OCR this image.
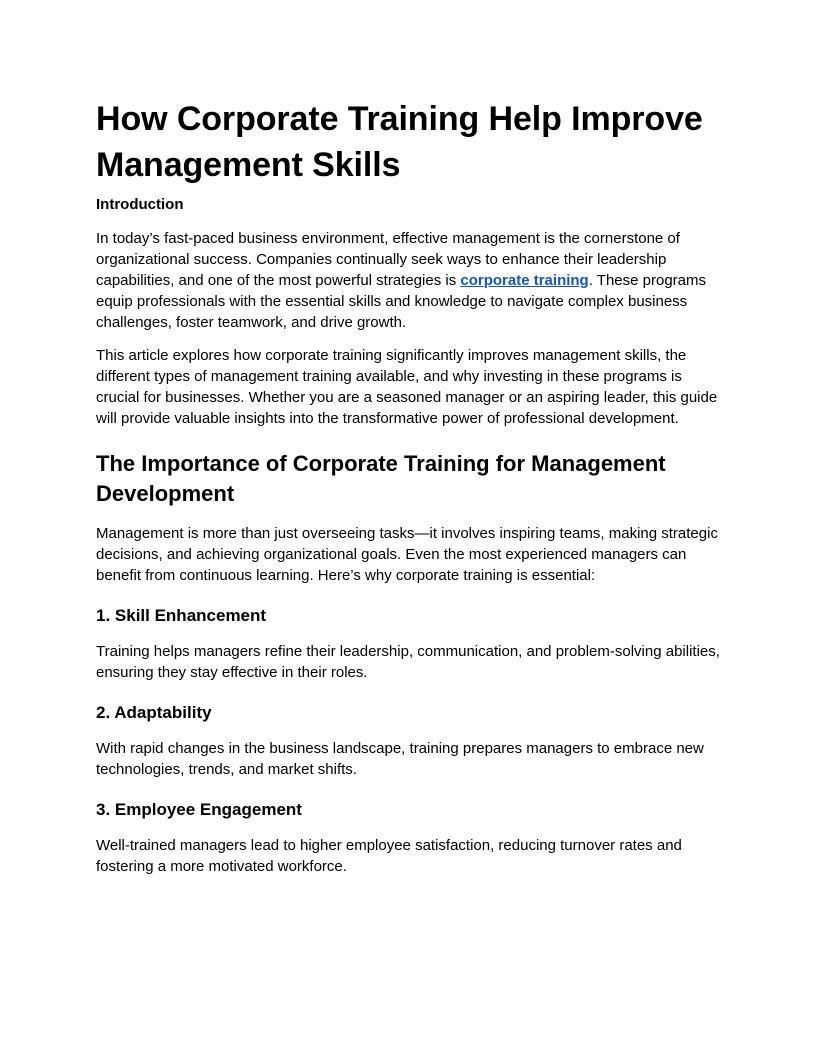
How Corporate Training Help Improve Management Skills
Introduction

In today’s fast-paced business environment, effective management is the cornerstone of organizational success. Companies continually seek ways to enhance their leadership capabilities, and one of the most powerful strategies is corporate training. These programs equip professionals with the essential skills and knowledge to navigate complex business challenges, foster teamwork, and drive growth.

This article explores how corporate training significantly improves management skills, the different types of management training available, and why investing in these programs is crucial for businesses. Whether you are a seasoned manager or an aspiring leader, this guide will provide valuable insights into the transformative power of professional development.

The Importance of Corporate Training for Management Development

Management is more than just overseeing tasks—it involves inspiring teams, making strategic decisions, and achieving organizational goals. Even the most experienced managers can benefit from continuous learning. Here’s why corporate training is essential:

1. Skill Enhancement

Training helps managers refine their leadership, communication, and problem-solving abilities, ensuring they stay effective in their roles.

2. Adaptability

With rapid changes in the business landscape, training prepares managers to embrace new technologies, trends, and market shifts.

3. Employee Engagement

Well-trained managers lead to higher employee satisfaction, reducing turnover rates and fostering a more motivated workforce.
